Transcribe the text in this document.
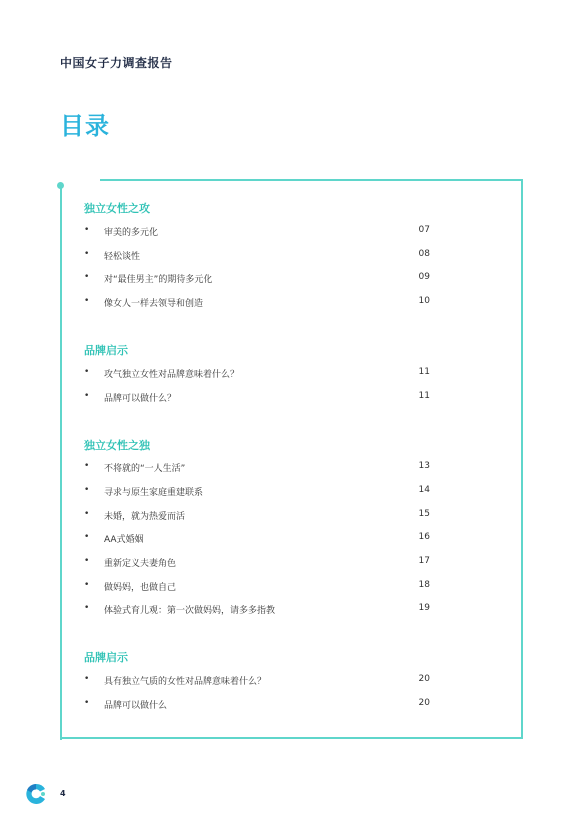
中国女子力调查报告
目录
独立女性之攻
•	审美的多元化	07
•	轻松谈性	08
•	对“最佳男主”的期待多元化	09
•	像女人一样去领导和创造	10
品牌启示
•	攻气独立女性对品牌意味着什么？	11
•	品牌可以做什么？	11
独立女性之独
•	不将就的“一人生活”	13
•	寻求与原生家庭重建联系	14
•	未婚，就为热爱而活	15
•	AA式婚姻	16
•	重新定义夫妻角色	17
•	做妈妈，也做自己	18
•	体验式育儿观：第一次做妈妈，请多多指教	19
品牌启示
•	具有独立气质的女性对品牌意味着什么？	20
•	品牌可以做什么	20
4
